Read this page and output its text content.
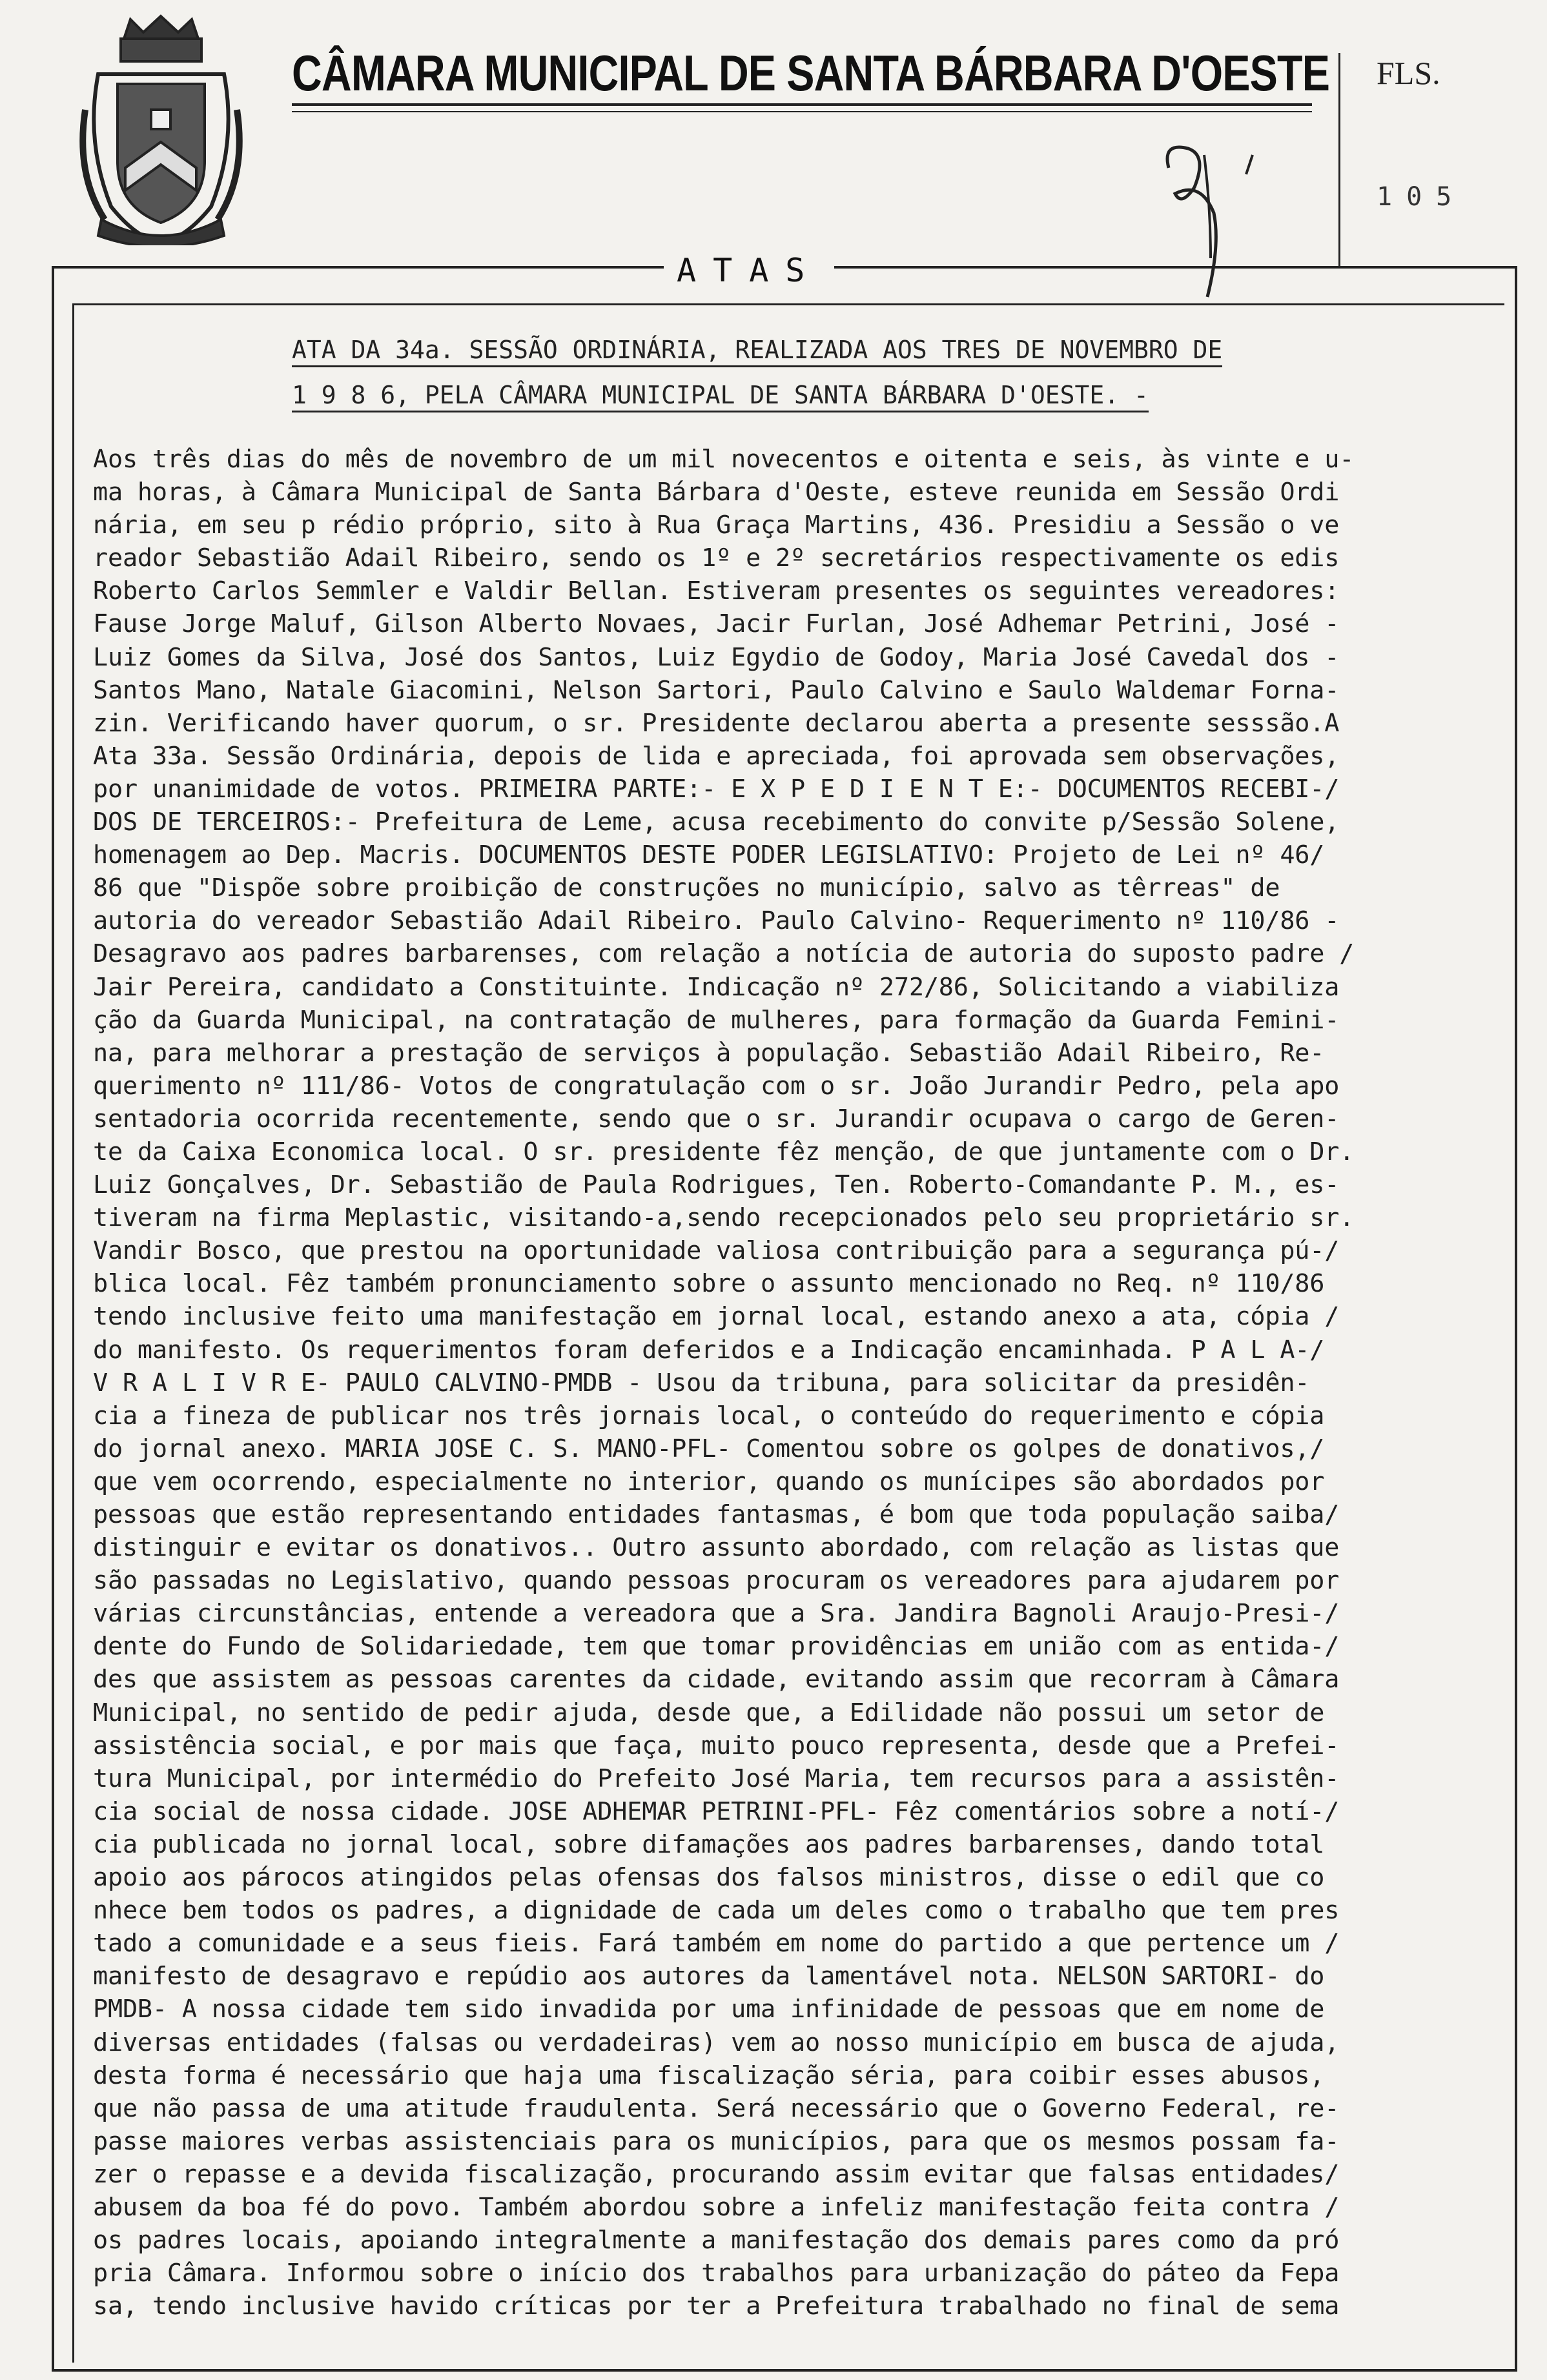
CÂMARA MUNICIPAL DE SANTA BÁRBARA D'OESTE FLS.
105
ATAS
ATA DA 34a. SESSÃO ORDINÁRIA, REALIZADA AOS TRES DE NOVEMBRO DE
1 9 8 6, PELA CÂMARA MUNICIPAL DE SANTA BÁRBARA D'OESTE. -
Aos três dias do mês de novembro de um mil novecentos e oitenta e seis, às vinte e u-
ma horas, à Câmara Municipal de Santa Bárbara d'Oeste, esteve reunida em Sessão Ordi
nária, em seu p rédio próprio, sito à Rua Graça Martins, 436. Presidiu a Sessão o ve
reador Sebastião Adail Ribeiro, sendo os 1º e 2º secretários respectivamente os edis
Roberto Carlos Semmler e Valdir Bellan. Estiveram presentes os seguintes vereadores:
Fause Jorge Maluf, Gilson Alberto Novaes, Jacir Furlan, José Adhemar Petrini, José -
Luiz Gomes da Silva, José dos Santos, Luiz Egydio de Godoy, Maria José Cavedal dos -
Santos Mano, Natale Giacomini, Nelson Sartori, Paulo Calvino e Saulo Waldemar Forna-
zin. Verificando haver quorum, o sr. Presidente declarou aberta a presente sesssão.A
Ata 33a. Sessão Ordinária, depois de lida e apreciada, foi aprovada sem observações,
por unanimidade de votos. PRIMEIRA PARTE:- E X P E D I E N T E:- DOCUMENTOS RECEBI-/
DOS DE TERCEIROS:- Prefeitura de Leme, acusa recebimento do convite p/Sessão Solene,
homenagem ao Dep. Macris. DOCUMENTOS DESTE PODER LEGISLATIVO: Projeto de Lei nº 46/
86 que "Dispõe sobre proibição de construções no município, salvo as têrreas" de
autoria do vereador Sebastião Adail Ribeiro. Paulo Calvino- Requerimento nº 110/86 -
Desagravo aos padres barbarenses, com relação a notícia de autoria do suposto padre /
Jair Pereira, candidato a Constituinte. Indicação nº 272/86, Solicitando a viabiliza
ção da Guarda Municipal, na contratação de mulheres, para formação da Guarda Femini-
na, para melhorar a prestação de serviços à população. Sebastião Adail Ribeiro, Re-
querimento nº 111/86- Votos de congratulação com o sr. João Jurandir Pedro, pela apo
sentadoria ocorrida recentemente, sendo que o sr. Jurandir ocupava o cargo de Geren-
te da Caixa Economica local. O sr. presidente fêz menção, de que juntamente com o Dr.
Luiz Gonçalves, Dr. Sebastião de Paula Rodrigues, Ten. Roberto-Comandante P. M., es-
tiveram na firma Meplastic, visitando-a,sendo recepcionados pelo seu proprietário sr.
Vandir Bosco, que prestou na oportunidade valiosa contribuição para a segurança pú-/
blica local. Fêz também pronunciamento sobre o assunto mencionado no Req. nº 110/86
tendo inclusive feito uma manifestação em jornal local, estando anexo a ata, cópia /
do manifesto. Os requerimentos foram deferidos e a Indicação encaminhada. P A L A-/
V R A L I V R E- PAULO CALVINO-PMDB - Usou da tribuna, para solicitar da presidên-
cia a fineza de publicar nos três jornais local, o conteúdo do requerimento e cópia
do jornal anexo. MARIA JOSE C. S. MANO-PFL- Comentou sobre os golpes de donativos,/
que vem ocorrendo, especialmente no interior, quando os munícipes são abordados por
pessoas que estão representando entidades fantasmas, é bom que toda população saiba/
distinguir e evitar os donativos.. Outro assunto abordado, com relação as listas que
são passadas no Legislativo, quando pessoas procuram os vereadores para ajudarem por
várias circunstâncias, entende a vereadora que a Sra. Jandira Bagnoli Araujo-Presi-/
dente do Fundo de Solidariedade, tem que tomar providências em união com as entida-/
des que assistem as pessoas carentes da cidade, evitando assim que recorram à Câmara
Municipal, no sentido de pedir ajuda, desde que, a Edilidade não possui um setor de
assistência social, e por mais que faça, muito pouco representa, desde que a Prefei-
tura Municipal, por intermédio do Prefeito José Maria, tem recursos para a assistên-
cia social de nossa cidade. JOSE ADHEMAR PETRINI-PFL- Fêz comentários sobre a notí-/
cia publicada no jornal local, sobre difamações aos padres barbarenses, dando total
apoio aos párocos atingidos pelas ofensas dos falsos ministros, disse o edil que co
nhece bem todos os padres, a dignidade de cada um deles como o trabalho que tem pres
tado a comunidade e a seus fieis. Fará também em nome do partido a que pertence um /
manifesto de desagravo e repúdio aos autores da lamentável nota. NELSON SARTORI- do
PMDB- A nossa cidade tem sido invadida por uma infinidade de pessoas que em nome de
diversas entidades (falsas ou verdadeiras) vem ao nosso município em busca de ajuda,
desta forma é necessário que haja uma fiscalização séria, para coibir esses abusos,
que não passa de uma atitude fraudulenta. Será necessário que o Governo Federal, re-
passe maiores verbas assistenciais para os municípios, para que os mesmos possam fa-
zer o repasse e a devida fiscalização, procurando assim evitar que falsas entidades/
abusem da boa fé do povo. Também abordou sobre a infeliz manifestação feita contra /
os padres locais, apoiando integralmente a manifestação dos demais pares como da pró
pria Câmara. Informou sobre o início dos trabalhos para urbanização do páteo da Fepa
sa, tendo inclusive havido críticas por ter a Prefeitura trabalhado no final de sema
